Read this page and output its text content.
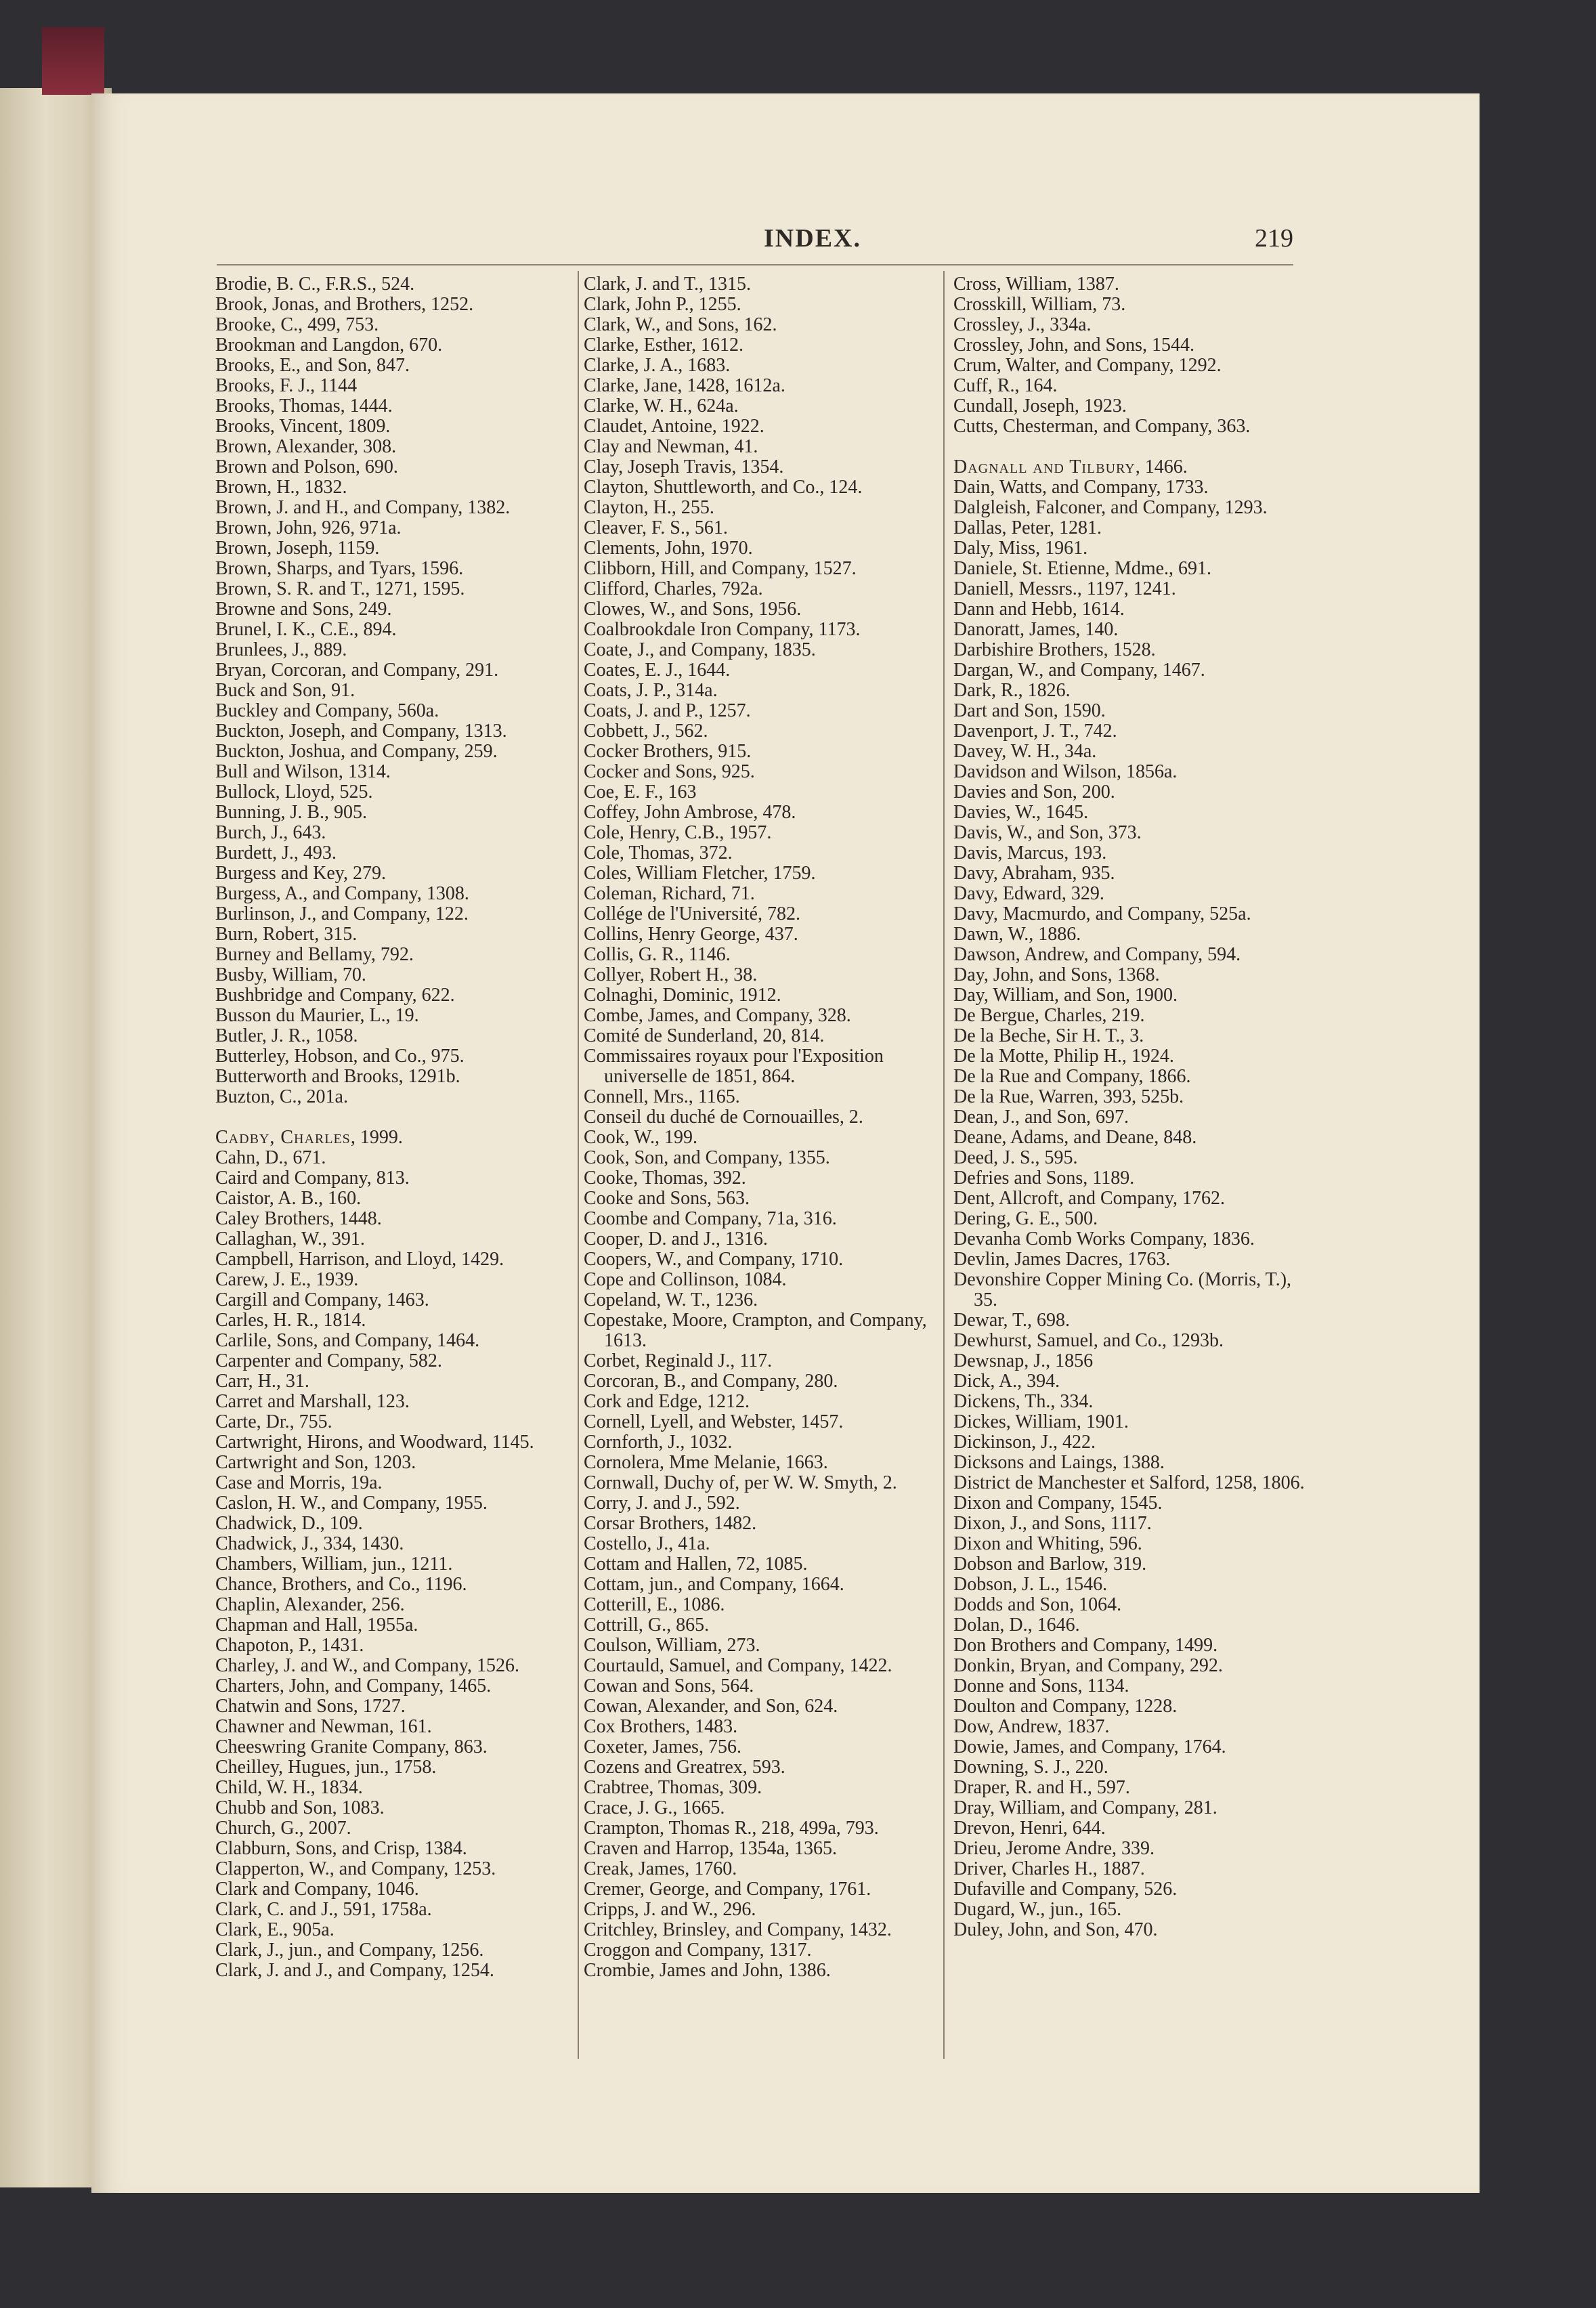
INDEX.	219
Brodie, B. C., F.R.S., 524.
Brook, Jonas, and Brothers, 1252.
Brooke, C., 499, 753.
Brookman and Langdon, 670.
Brooks, E., and Son, 847.
Brooks, F. J., 1144
Brooks, Thomas, 1444.
Brooks, Vincent, 1809.
Brown, Alexander, 308.
Brown and Polson, 690.
Brown, H., 1832.
Brown, J. and H., and Company, 1382.
Brown, John, 926, 971a.
Brown, Joseph, 1159.
Brown, Sharps, and Tyars, 1596.
Brown, S. R. and T., 1271, 1595.
Browne and Sons, 249.
Brunel, I. K., C.E., 894.
Brunlees, J., 889.
Bryan, Corcoran, and Company, 291.
Buck and Son, 91.
Buckley and Company, 560a.
Buckton, Joseph, and Company, 1313.
Buckton, Joshua, and Company, 259.
Bull and Wilson, 1314.
Bullock, Lloyd, 525.
Bunning, J. B., 905.
Burch, J., 643.
Burdett, J., 493.
Burgess and Key, 279.
Burgess, A., and Company, 1308.
Burlinson, J., and Company, 122.
Burn, Robert, 315.
Burney and Bellamy, 792.
Busby, William, 70.
Bushbridge and Company, 622.
Busson du Maurier, L., 19.
Butler, J. R., 1058.
Butterley, Hobson, and Co., 975.
Butterworth and Brooks, 1291b.
Buzton, C., 201a.
Cadby, Charles, 1999.
Cahn, D., 671.
Caird and Company, 813.
Caistor, A. B., 160.
Caley Brothers, 1448.
Callaghan, W., 391.
Campbell, Harrison, and Lloyd, 1429.
Carew, J. E., 1939.
Cargill and Company, 1463.
Carles, H. R., 1814.
Carlile, Sons, and Company, 1464.
Carpenter and Company, 582.
Carr, H., 31.
Carret and Marshall, 123.
Carte, Dr., 755.
Cartwright, Hirons, and Woodward, 1145.
Cartwright and Son, 1203.
Case and Morris, 19a.
Caslon, H. W., and Company, 1955.
Chadwick, D., 109.
Chadwick, J., 334, 1430.
Chambers, William, jun., 1211.
Chance, Brothers, and Co., 1196.
Chaplin, Alexander, 256.
Chapman and Hall, 1955a.
Chapoton, P., 1431.
Charley, J. and W., and Company, 1526.
Charters, John, and Company, 1465.
Chatwin and Sons, 1727.
Chawner and Newman, 161.
Cheeswring Granite Company, 863.
Cheilley, Hugues, jun., 1758.
Child, W. H., 1834.
Chubb and Son, 1083.
Church, G., 2007.
Clabburn, Sons, and Crisp, 1384.
Clapperton, W., and Company, 1253.
Clark and Company, 1046.
Clark, C. and J., 591, 1758a.
Clark, E., 905a.
Clark, J., jun., and Company, 1256.
Clark, J. and J., and Company, 1254.
Clark, J. and T., 1315.
Clark, John P., 1255.
Clark, W., and Sons, 162.
Clarke, Esther, 1612.
Clarke, J. A., 1683.
Clarke, Jane, 1428, 1612a.
Clarke, W. H., 624a.
Claudet, Antoine, 1922.
Clay and Newman, 41.
Clay, Joseph Travis, 1354.
Clayton, Shuttleworth, and Co., 124.
Clayton, H., 255.
Cleaver, F. S., 561.
Clements, John, 1970.
Clibborn, Hill, and Company, 1527.
Clifford, Charles, 792a.
Clowes, W., and Sons, 1956.
Coalbrookdale Iron Company, 1173.
Coate, J., and Company, 1835.
Coates, E. J., 1644.
Coats, J. P., 314a.
Coats, J. and P., 1257.
Cobbett, J., 562.
Cocker Brothers, 915.
Cocker and Sons, 925.
Coe, E. F., 163
Coffey, John Ambrose, 478.
Cole, Henry, C.B., 1957.
Cole, Thomas, 372.
Coles, William Fletcher, 1759.
Coleman, Richard, 71.
Collége de l'Université, 782.
Collins, Henry George, 437.
Collis, G. R., 1146.
Collyer, Robert H., 38.
Colnaghi, Dominic, 1912.
Combe, James, and Company, 328.
Comité de Sunderland, 20, 814.
Commissaires royaux pour l'Exposition universelle de 1851, 864.
Connell, Mrs., 1165.
Conseil du duché de Cornouailles, 2.
Cook, W., 199.
Cook, Son, and Company, 1355.
Cooke, Thomas, 392.
Cooke and Sons, 563.
Coombe and Company, 71a, 316.
Cooper, D. and J., 1316.
Coopers, W., and Company, 1710.
Cope and Collinson, 1084.
Copeland, W. T., 1236.
Copestake, Moore, Crampton, and Company, 1613.
Corbet, Reginald J., 117.
Corcoran, B., and Company, 280.
Cork and Edge, 1212.
Cornell, Lyell, and Webster, 1457.
Cornforth, J., 1032.
Cornolera, Mme Melanie, 1663.
Cornwall, Duchy of, per W. W. Smyth, 2.
Corry, J. and J., 592.
Corsar Brothers, 1482.
Costello, J., 41a.
Cottam and Hallen, 72, 1085.
Cottam, jun., and Company, 1664.
Cotterill, E., 1086.
Cottrill, G., 865.
Coulson, William, 273.
Courtauld, Samuel, and Company, 1422.
Cowan and Sons, 564.
Cowan, Alexander, and Son, 624.
Cox Brothers, 1483.
Coxeter, James, 756.
Cozens and Greatrex, 593.
Crabtree, Thomas, 309.
Crace, J. G., 1665.
Crampton, Thomas R., 218, 499a, 793.
Craven and Harrop, 1354a, 1365.
Creak, James, 1760.
Cremer, George, and Company, 1761.
Cripps, J. and W., 296.
Critchley, Brinsley, and Company, 1432.
Croggon and Company, 1317.
Crombie, James and John, 1386.
Cross, William, 1387.
Crosskill, William, 73.
Crossley, J., 334a.
Crossley, John, and Sons, 1544.
Crum, Walter, and Company, 1292.
Cuff, R., 164.
Cundall, Joseph, 1923.
Cutts, Chesterman, and Company, 363.
Dagnall and Tilbury, 1466.
Dain, Watts, and Company, 1733.
Dalgleish, Falconer, and Company, 1293.
Dallas, Peter, 1281.
Daly, Miss, 1961.
Daniele, St. Etienne, Mdme., 691.
Daniell, Messrs., 1197, 1241.
Dann and Hebb, 1614.
Danoratt, James, 140.
Darbishire Brothers, 1528.
Dargan, W., and Company, 1467.
Dark, R., 1826.
Dart and Son, 1590.
Davenport, J. T., 742.
Davey, W. H., 34a.
Davidson and Wilson, 1856a.
Davies and Son, 200.
Davies, W., 1645.
Davis, W., and Son, 373.
Davis, Marcus, 193.
Davy, Abraham, 935.
Davy, Edward, 329.
Davy, Macmurdo, and Company, 525a.
Dawn, W., 1886.
Dawson, Andrew, and Company, 594.
Day, John, and Sons, 1368.
Day, William, and Son, 1900.
De Bergue, Charles, 219.
De la Beche, Sir H. T., 3.
De la Motte, Philip H., 1924.
De la Rue and Company, 1866.
De la Rue, Warren, 393, 525b.
Dean, J., and Son, 697.
Deane, Adams, and Deane, 848.
Deed, J. S., 595.
Defries and Sons, 1189.
Dent, Allcroft, and Company, 1762.
Dering, G. E., 500.
Devanha Comb Works Company, 1836.
Devlin, James Dacres, 1763.
Devonshire Copper Mining Co. (Morris, T.), 35.
Dewar, T., 698.
Dewhurst, Samuel, and Co., 1293b.
Dewsnap, J., 1856
Dick, A., 394.
Dickens, Th., 334.
Dickes, William, 1901.
Dickinson, J., 422.
Dicksons and Laings, 1388.
District de Manchester et Salford, 1258, 1806.
Dixon and Company, 1545.
Dixon, J., and Sons, 1117.
Dixon and Whiting, 596.
Dobson and Barlow, 319.
Dobson, J. L., 1546.
Dodds and Son, 1064.
Dolan, D., 1646.
Don Brothers and Company, 1499.
Donkin, Bryan, and Company, 292.
Donne and Sons, 1134.
Doulton and Company, 1228.
Dow, Andrew, 1837.
Dowie, James, and Company, 1764.
Downing, S. J., 220.
Draper, R. and H., 597.
Dray, William, and Company, 281.
Drevon, Henri, 644.
Drieu, Jerome Andre, 339.
Driver, Charles H., 1887.
Dufaville and Company, 526.
Dugard, W., jun., 165.
Duley, John, and Son, 470.
